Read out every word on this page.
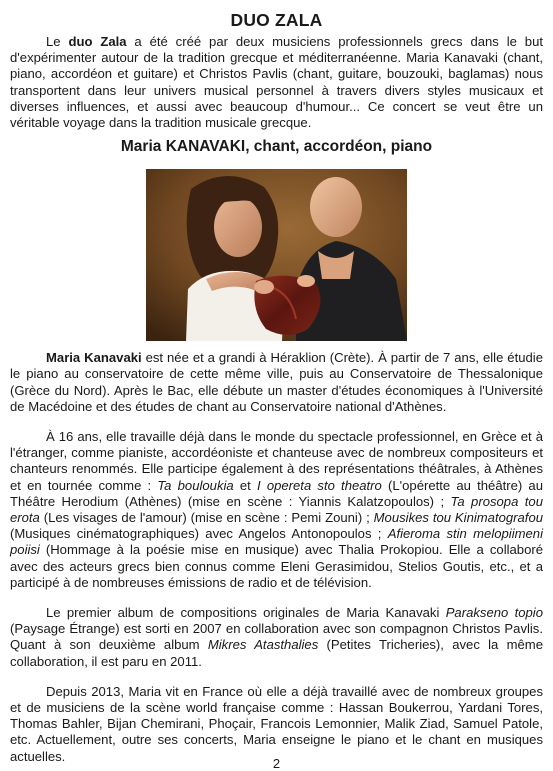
DUO ZALA

Le duo Zala a été créé par deux musiciens professionnels grecs dans le but d'expérimenter autour de la tradition grecque et méditerranéenne. Maria Kanavaki (chant, piano, accordéon et guitare) et Christos Pavlis (chant, guitare, bouzouki, baglamas) nous transportent dans leur univers musical personnel à travers divers styles musicaux et diverses influences, et aussi avec beaucoup d'humour... Ce concert se veut être un véritable voyage dans la tradition musicale grecque.

Maria KANAVAKI, chant, accordéon, piano

Maria Kanavaki est née et a grandi à Héraklion (Crète). À partir de 7 ans, elle étudie le piano au conservatoire de cette même ville, puis au Conservatoire de Thessalonique (Grèce du Nord). Après le Bac, elle débute un master d'études économiques à l'Université de Macédoine et des études de chant au Conservatoire national d'Athènes.

À 16 ans, elle travaille déjà dans le monde du spectacle professionnel, en Grèce et à l'étranger, comme pianiste, accordéoniste et chanteuse avec de nombreux compositeurs et chanteurs renommés. Elle participe également à des représentations théâtrales, à Athènes et en tournée comme : Ta bouloukia et I opereta sto theatro (L'opérette au théâtre) au Théâtre Herodium (Athènes) (mise en scène : Yiannis Kalatzopoulos) ; Ta prosopa tou erota (Les visages de l'amour) (mise en scène : Pemi Zouni) ; Mousikes tou Kinimatografou (Musiques cinématographiques) avec Angelos Antonopoulos ; Afieroma stin melopiimeni poiisi (Hommage à la poésie mise en musique) avec Thalia Prokopiou. Elle a collaboré avec des acteurs grecs bien connus comme Eleni Gerasimidou, Stelios Goutis, etc., et a participé à de nombreuses émissions de radio et de télévision.

Le premier album de compositions originales de Maria Kanavaki Parakseno topio (Paysage Étrange) est sorti en 2007 en collaboration avec son compagnon Christos Pavlis. Quant à son deuxième album Mikres Atasthalies (Petites Tricheries), avec la même collaboration, il est paru en 2011.

Depuis 2013, Maria vit en France où elle a déjà travaillé avec de nombreux groupes et de musiciens de la scène world française comme : Hassan Boukerrou, Yardani Tores, Thomas Bahler, Bijan Chemirani, Phoçair, Francois Lemonnier, Malik Ziad, Samuel Patole, etc. Actuellement, outre ses concerts, Maria enseigne le piano et le chant en musiques actuelles.	2
